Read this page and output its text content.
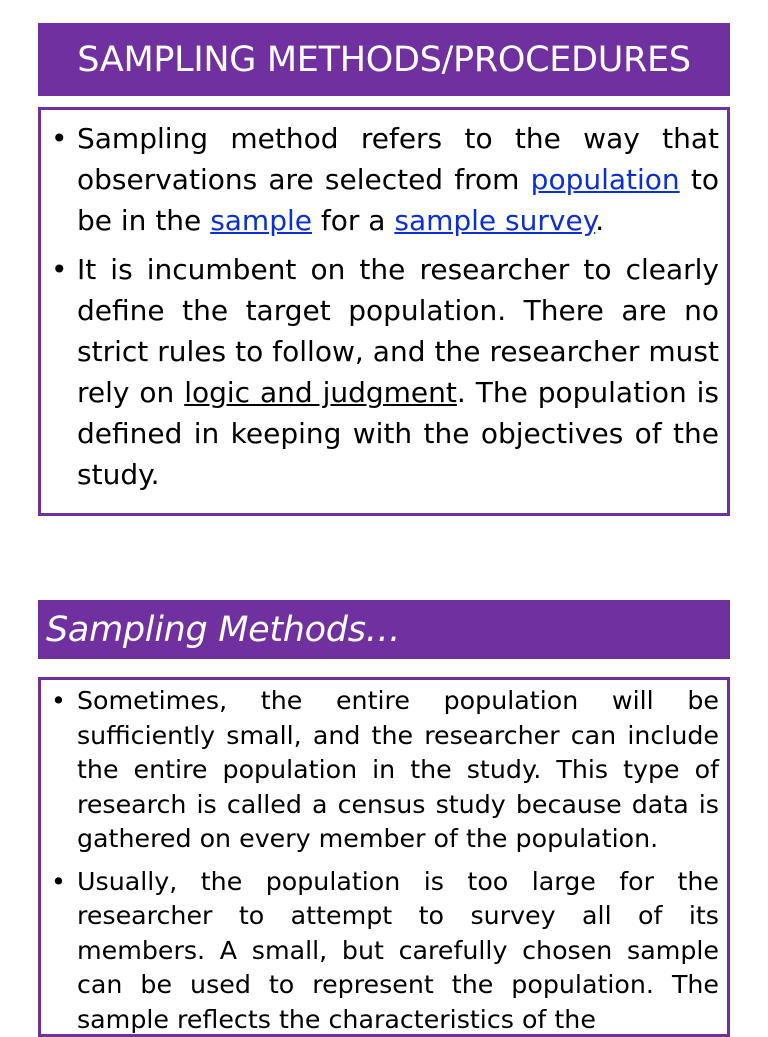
SAMPLING METHODS/PROCEDURES
• Sampling method refers to the way that observations are selected from population to be in the sample for a sample survey.
• It is incumbent on the researcher to clearly define the target population. There are no strict rules to follow, and the researcher must rely on logic and judgment. The population is defined in keeping with the objectives of the study.
Sampling Methods…
• Sometimes, the entire population will be sufficiently small, and the researcher can include the entire population in the study. This type of research is called a census study because data is gathered on every member of the population.
• Usually, the population is too large for the researcher to attempt to survey all of its members. A small, but carefully chosen sample can be used to represent the population. The sample reflects the characteristics of the
